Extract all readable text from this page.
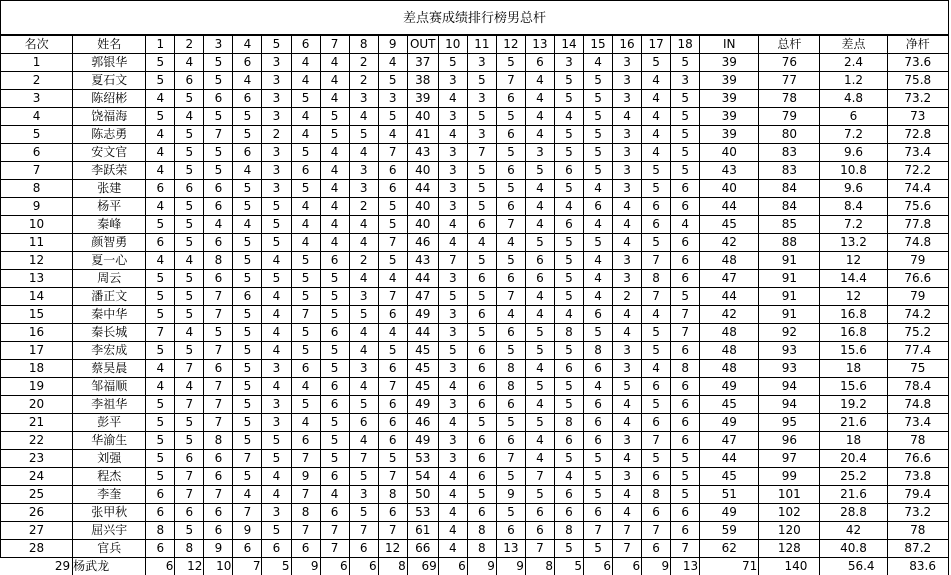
差点赛成绩排行榜男总杆
名次	姓名	1	2	3	4	5	6	7	8	9	OUT	10	11	12	13	14	15	16	17	18	IN	总杆	差点	净杆
1	郭银华	5	4	5	6	3	4	4	2	4	37	5	3	5	6	3	4	3	5	5	39	76	2.4	73.6
2	夏石文	5	6	5	4	3	4	4	2	5	38	3	5	7	4	5	5	3	4	3	39	77	1.2	75.8
3	陈绍彬	4	5	6	6	3	5	4	3	3	39	4	3	6	4	5	5	3	4	5	39	78	4.8	73.2
4	饶福海	5	4	5	5	3	4	5	4	5	40	3	5	5	4	4	5	4	4	5	39	79	6	73
5	陈志勇	4	5	7	5	2	4	5	5	4	41	4	3	6	4	5	5	3	4	5	39	80	7.2	72.8
6	安文官	4	5	5	6	3	5	4	4	7	43	3	7	5	3	5	5	3	4	5	40	83	9.6	73.4
7	李跃荣	4	5	5	4	3	6	4	3	6	40	3	5	6	5	6	5	3	5	5	43	83	10.8	72.2
8	张建	6	6	6	5	3	5	4	3	6	44	3	5	5	4	5	4	3	5	6	40	84	9.6	74.4
9	杨平	4	5	6	5	5	4	4	2	5	40	3	5	6	4	4	6	4	6	6	44	84	8.4	75.6
10	秦峰	5	5	4	4	5	4	4	4	5	40	4	6	7	4	6	4	4	6	4	45	85	7.2	77.8
11	颜智勇	6	5	6	5	5	4	4	4	7	46	4	4	4	5	5	5	4	5	6	42	88	13.2	74.8
12	夏一心	4	4	8	5	4	5	6	2	5	43	7	5	5	6	5	4	3	7	6	48	91	12	79
13	周云	5	5	6	5	5	5	5	4	4	44	3	6	6	6	5	4	3	8	6	47	91	14.4	76.6
14	潘正文	5	5	7	6	4	5	5	3	7	47	5	5	7	4	5	4	2	7	5	44	91	12	79
15	秦中华	5	5	7	5	4	7	5	5	6	49	3	6	4	4	4	6	4	4	7	42	91	16.8	74.2
16	秦长城	7	4	5	5	4	5	6	4	4	44	3	5	6	5	8	5	4	5	7	48	92	16.8	75.2
17	李宏成	5	5	7	5	4	5	5	4	5	45	5	6	5	5	5	8	3	5	6	48	93	15.6	77.4
18	蔡昊晨	4	7	6	5	3	6	5	3	6	45	3	6	8	4	6	6	3	4	8	48	93	18	75
19	邹福顺	4	4	7	5	4	4	6	4	7	45	4	6	8	5	5	4	5	6	6	49	94	15.6	78.4
20	李祖华	5	7	7	5	3	5	6	5	6	49	3	6	6	4	5	6	4	5	6	45	94	19.2	74.8
21	彭平	5	5	7	5	3	4	5	6	6	46	4	5	5	5	8	6	4	6	6	49	95	21.6	73.4
22	华渝生	5	5	8	5	5	6	5	4	6	49	3	6	6	4	6	6	3	7	6	47	96	18	78
23	刘强	5	6	6	7	5	7	5	7	5	53	3	6	7	4	5	5	4	5	5	44	97	20.4	76.6
24	程杰	5	7	6	5	4	9	6	5	7	54	4	6	5	7	4	5	3	6	5	45	99	25.2	73.8
25	李奎	6	7	7	4	4	7	4	3	8	50	4	5	9	5	6	5	4	8	5	51	101	21.6	79.4
26	张甲秋	6	6	6	7	3	8	6	5	6	53	4	6	5	6	6	6	4	6	6	49	102	28.8	73.2
27	屈兴宇	8	5	6	9	5	7	7	7	7	61	4	8	6	6	8	7	7	7	6	59	120	42	78
28	官兵	6	8	9	6	6	6	7	6	12	66	4	8	13	7	5	5	7	6	7	62	128	40.8	87.2
29	杨武龙	6	12	10	7	5	9	6	6	8	69	6	9	9	8	5	6	6	9	13	71	140	56.4	83.6
